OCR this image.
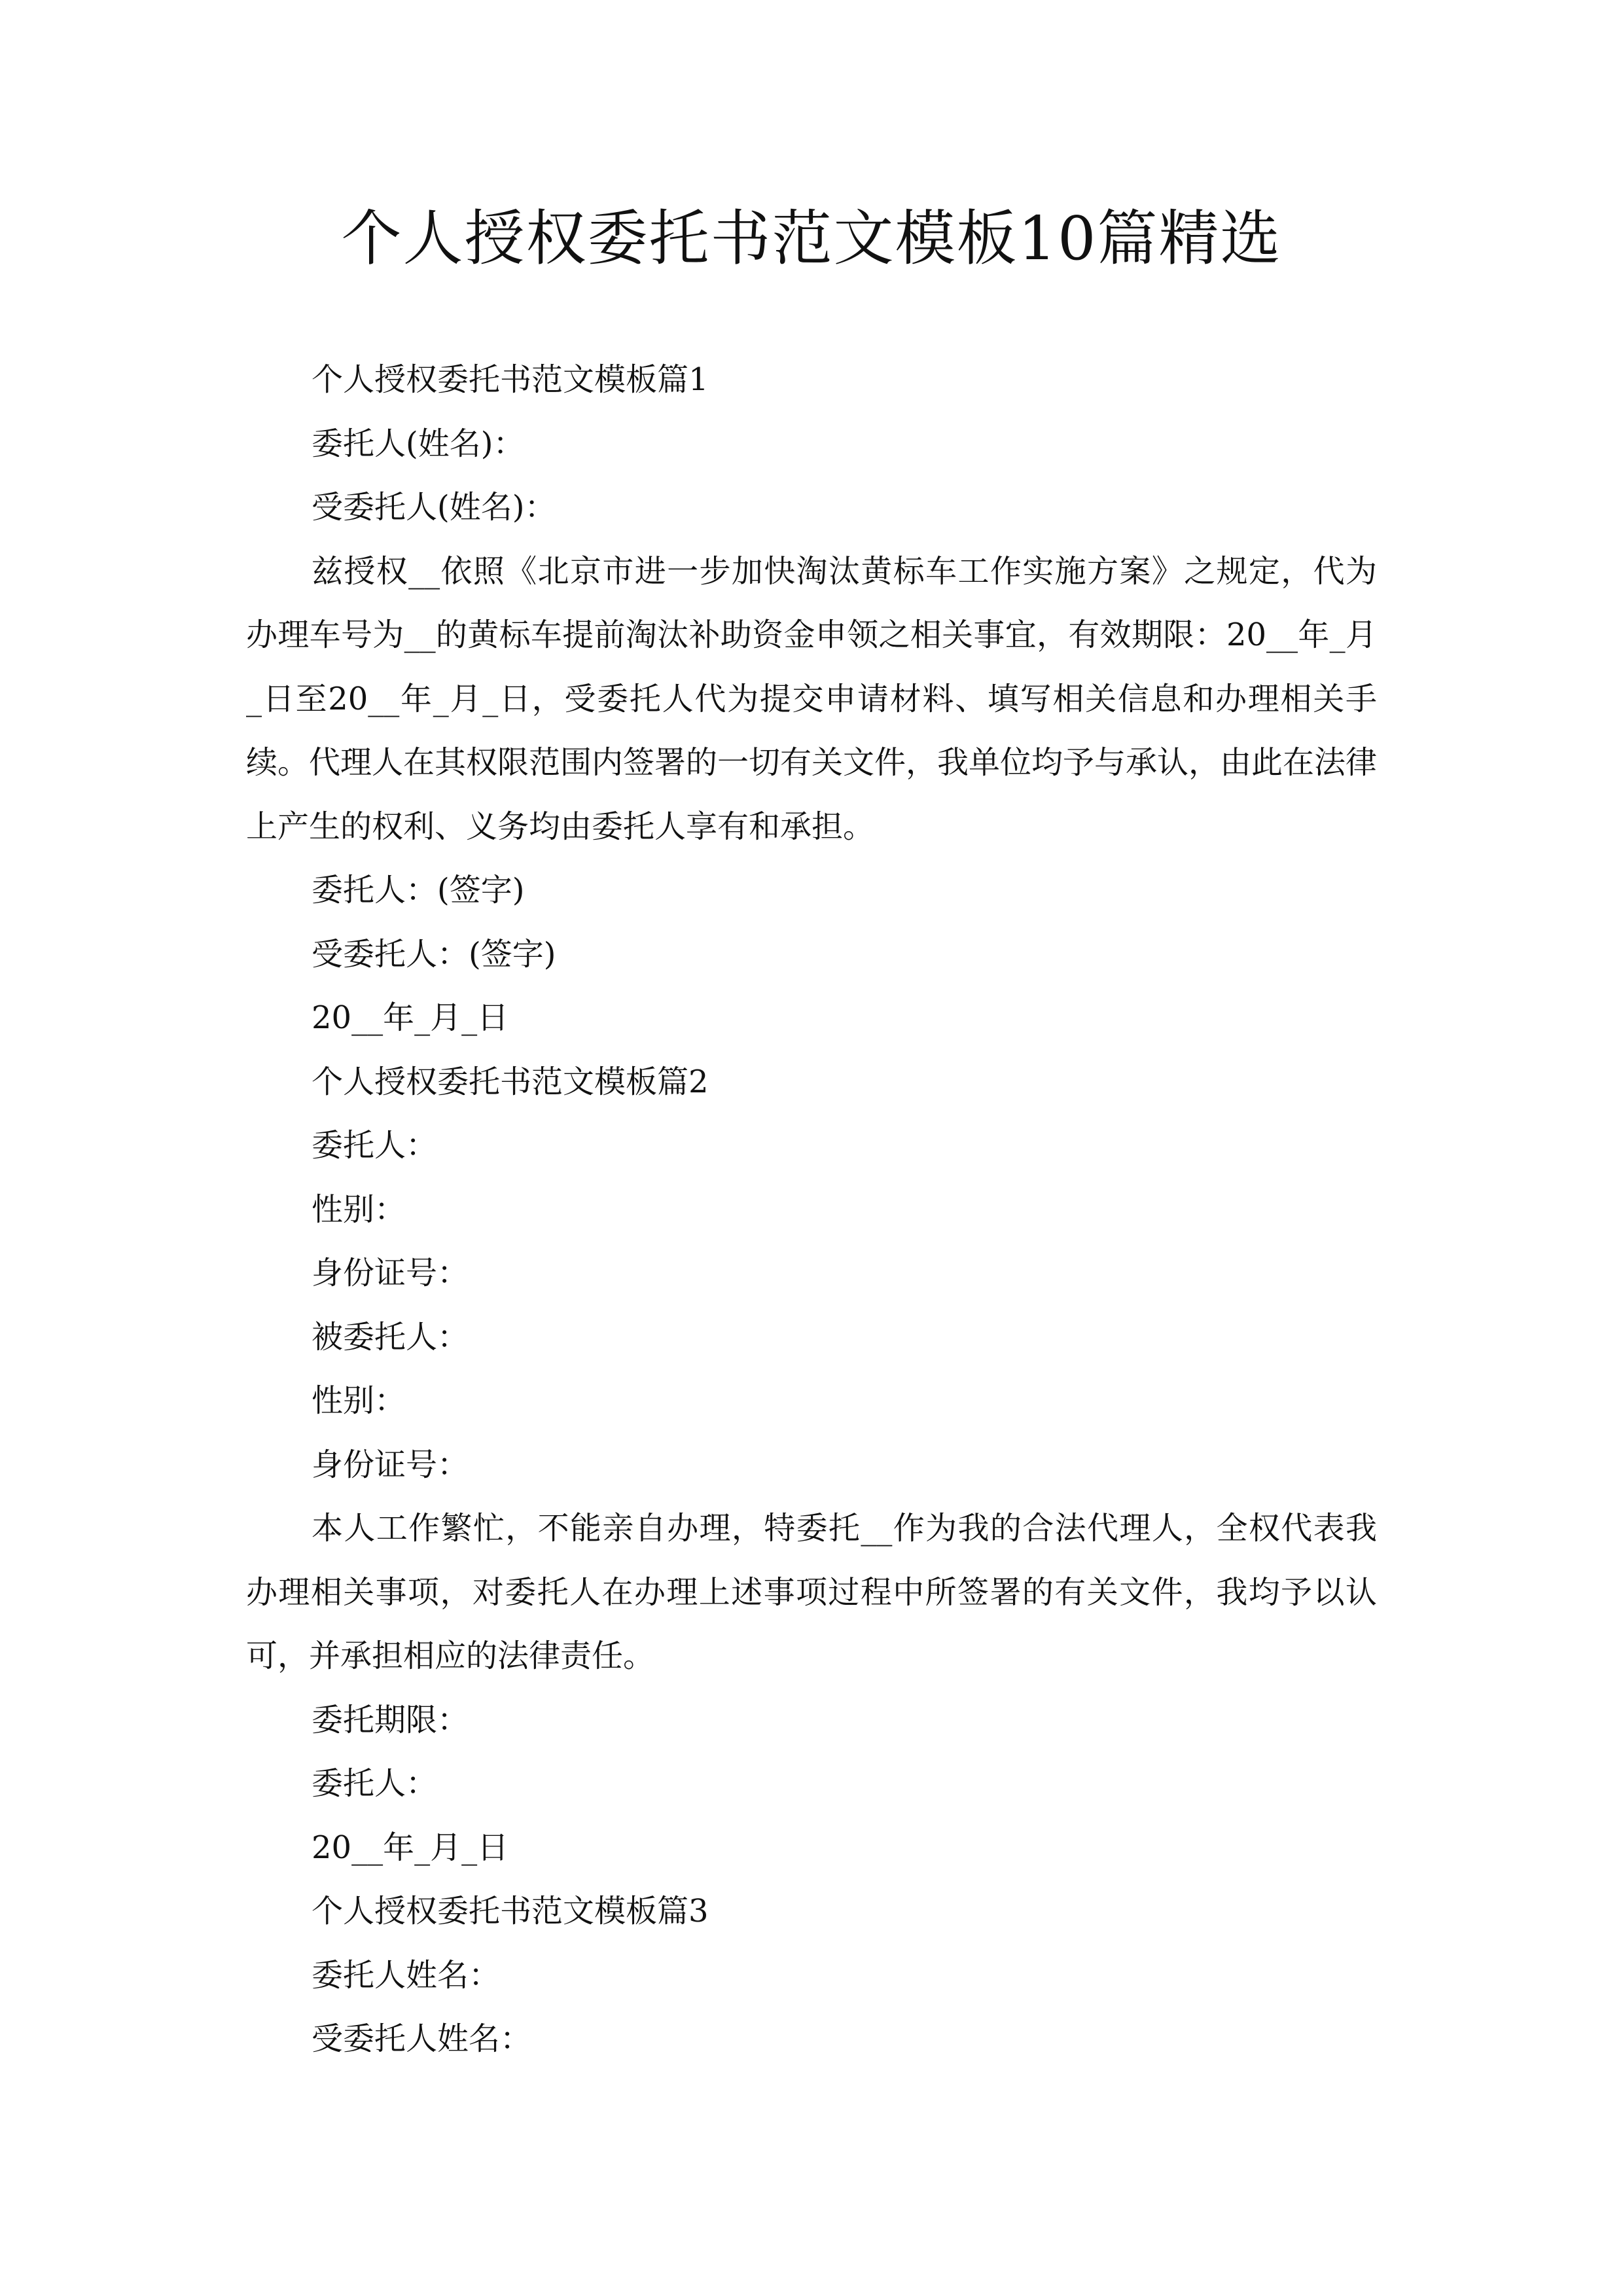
个人授权委托书范文模板10篇精选

个人授权委托书范文模板篇1

委托人(姓名)：

受委托人(姓名)：

兹授权__依照《北京市进一步加快淘汰黄标车工作实施方案》之规定，代为办理车号为__的黄标车提前淘汰补助资金申领之相关事宜，有效期限：20__年_月_日至20__年_月_日，受委托人代为提交申请材料、填写相关信息和办理相关手续。代理人在其权限范围内签署的一切有关文件，我单位均予与承认，由此在法律上产生的权利、义务均由委托人享有和承担。

委托人：(签字)

受委托人：(签字)

20__年_月_日

个人授权委托书范文模板篇2

委托人：

性别：

身份证号：

被委托人：

性别：

身份证号：

本人工作繁忙，不能亲自办理，特委托__作为我的合法代理人，全权代表我办理相关事项，对委托人在办理上述事项过程中所签署的有关文件，我均予以认可，并承担相应的法律责任。

委托期限：

委托人：

20__年_月_日

个人授权委托书范文模板篇3

委托人姓名：

受委托人姓名：
